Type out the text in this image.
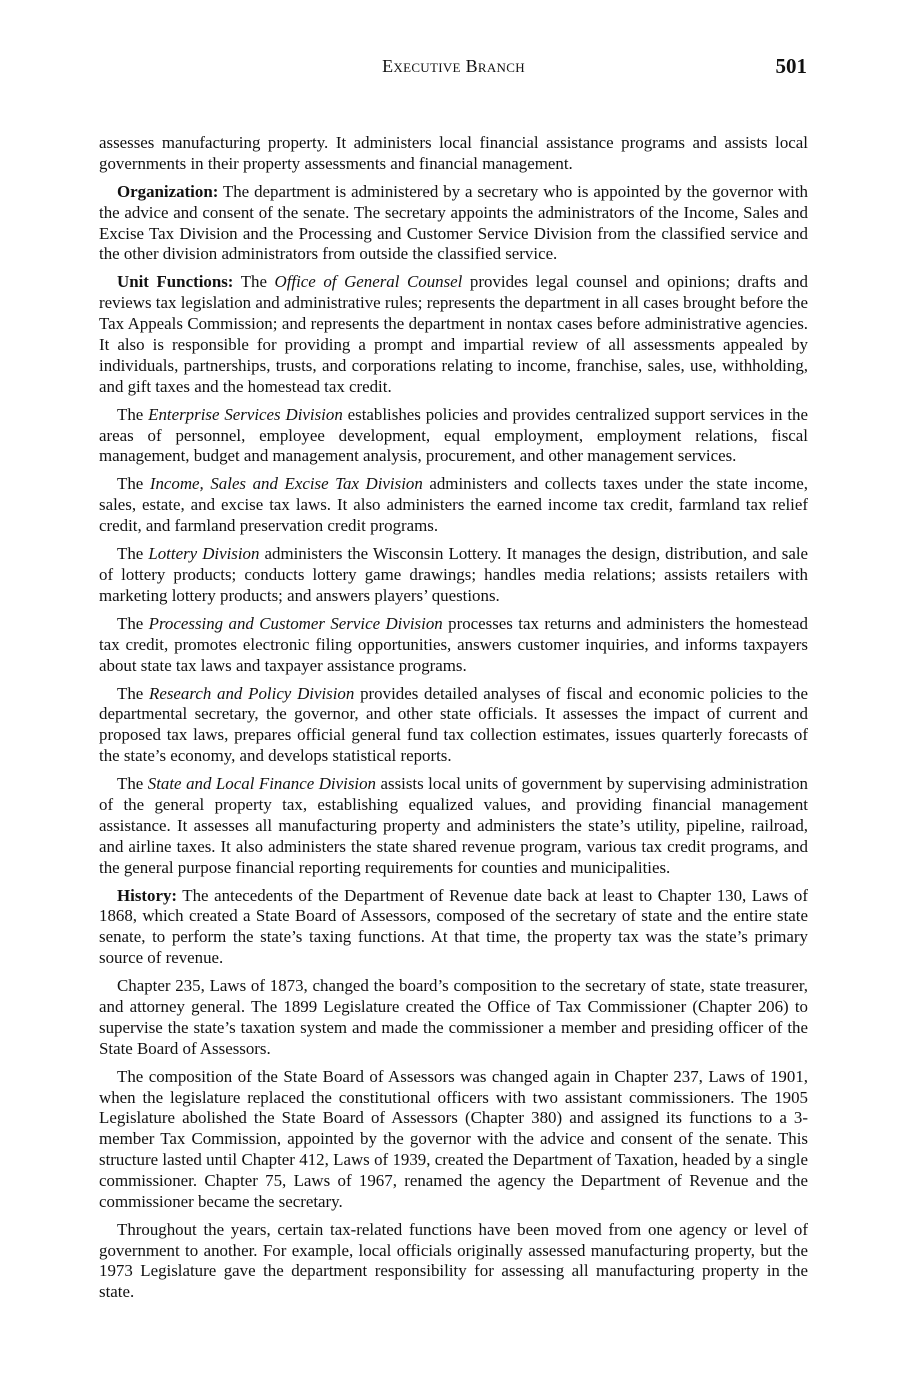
Executive Branch	501

assesses manufacturing property. It administers local financial assistance programs and assists local governments in their property assessments and financial management.

Organization: The department is administered by a secretary who is appointed by the governor with the advice and consent of the senate. The secretary appoints the administrators of the Income, Sales and Excise Tax Division and the Processing and Customer Service Division from the classified service and the other division administrators from outside the classified service.

Unit Functions: The Office of General Counsel provides legal counsel and opinions; drafts and reviews tax legislation and administrative rules; represents the department in all cases brought before the Tax Appeals Commission; and represents the department in nontax cases before administrative agencies. It also is responsible for providing a prompt and impartial review of all assessments appealed by individuals, partnerships, trusts, and corporations relating to income, franchise, sales, use, withholding, and gift taxes and the homestead tax credit.

The Enterprise Services Division establishes policies and provides centralized support services in the areas of personnel, employee development, equal employment, employment relations, fiscal management, budget and management analysis, procurement, and other management services.

The Income, Sales and Excise Tax Division administers and collects taxes under the state income, sales, estate, and excise tax laws. It also administers the earned income tax credit, farmland tax relief credit, and farmland preservation credit programs.

The Lottery Division administers the Wisconsin Lottery. It manages the design, distribution, and sale of lottery products; conducts lottery game drawings; handles media relations; assists retailers with marketing lottery products; and answers players’ questions.

The Processing and Customer Service Division processes tax returns and administers the homestead tax credit, promotes electronic filing opportunities, answers customer inquiries, and informs taxpayers about state tax laws and taxpayer assistance programs.

The Research and Policy Division provides detailed analyses of fiscal and economic policies to the departmental secretary, the governor, and other state officials. It assesses the impact of current and proposed tax laws, prepares official general fund tax collection estimates, issues quarterly forecasts of the state’s economy, and develops statistical reports.

The State and Local Finance Division assists local units of government by supervising administration of the general property tax, establishing equalized values, and providing financial management assistance. It assesses all manufacturing property and administers the state’s utility, pipeline, railroad, and airline taxes. It also administers the state shared revenue program, various tax credit programs, and the general purpose financial reporting requirements for counties and municipalities.

History: The antecedents of the Department of Revenue date back at least to Chapter 130, Laws of 1868, which created a State Board of Assessors, composed of the secretary of state and the entire state senate, to perform the state’s taxing functions. At that time, the property tax was the state’s primary source of revenue.

Chapter 235, Laws of 1873, changed the board’s composition to the secretary of state, state treasurer, and attorney general. The 1899 Legislature created the Office of Tax Commissioner (Chapter 206) to supervise the state’s taxation system and made the commissioner a member and presiding officer of the State Board of Assessors.

The composition of the State Board of Assessors was changed again in Chapter 237, Laws of 1901, when the legislature replaced the constitutional officers with two assistant commissioners. The 1905 Legislature abolished the State Board of Assessors (Chapter 380) and assigned its functions to a 3-member Tax Commission, appointed by the governor with the advice and consent of the senate. This structure lasted until Chapter 412, Laws of 1939, created the Department of Taxation, headed by a single commissioner. Chapter 75, Laws of 1967, renamed the agency the Department of Revenue and the commissioner became the secretary.

Throughout the years, certain tax-related functions have been moved from one agency or level of government to another. For example, local officials originally assessed manufacturing property, but the 1973 Legislature gave the department responsibility for assessing all manufacturing property in the state.
